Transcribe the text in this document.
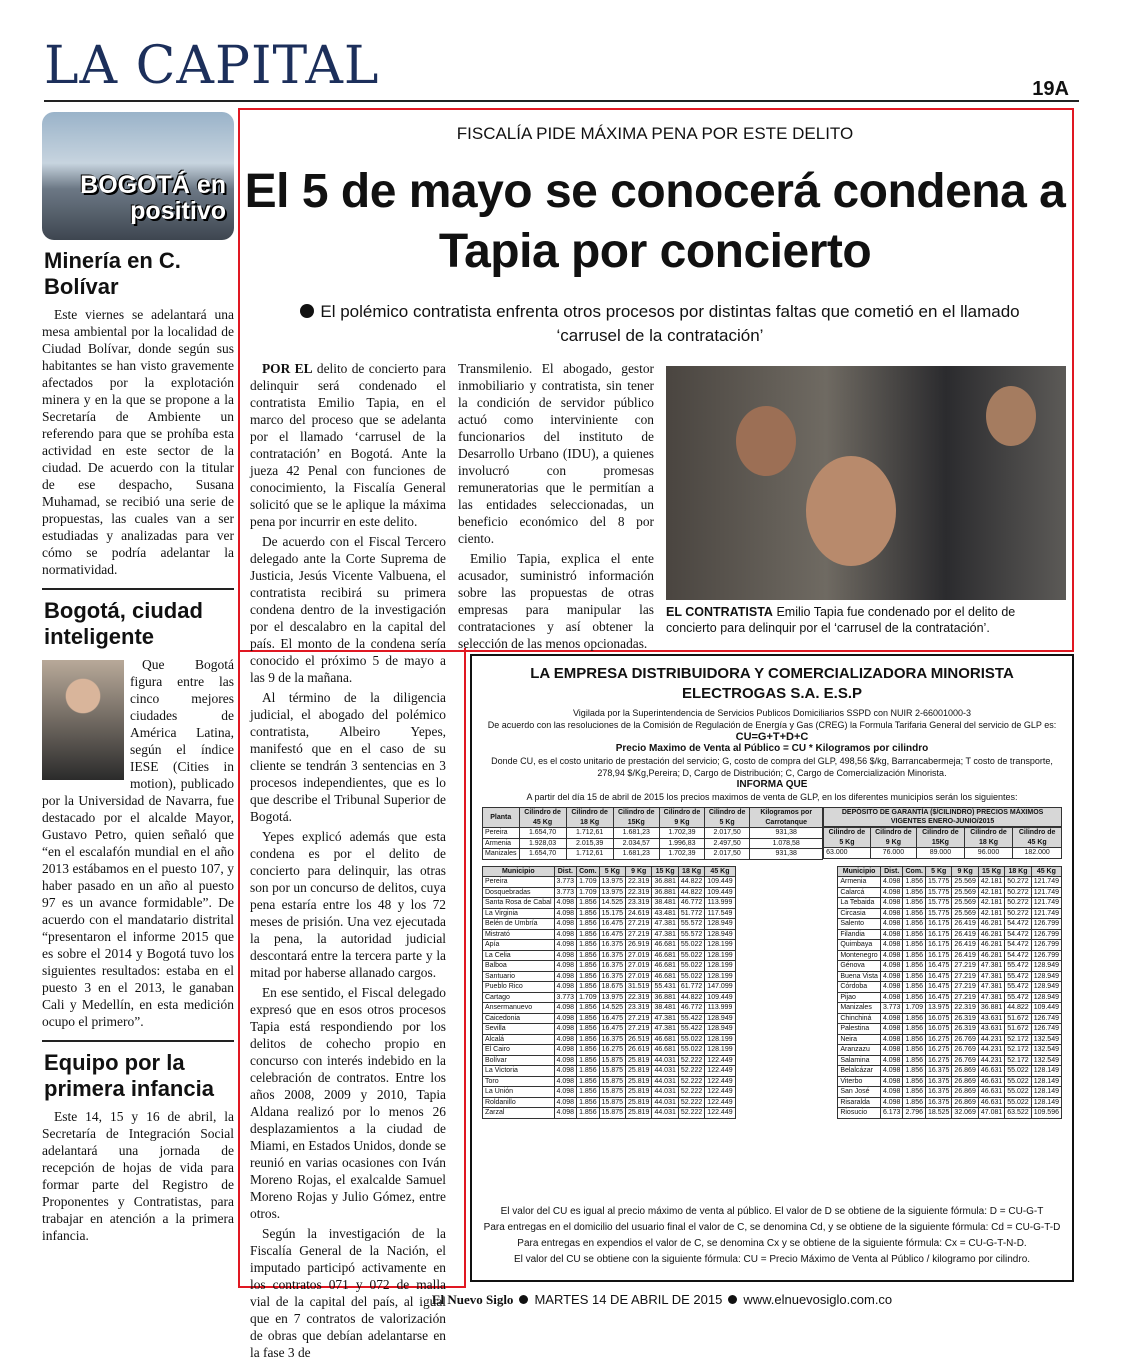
LA CAPITAL	19A
BOGOTÁ en positivo
Minería en C. Bolívar
Este viernes se adelantará una mesa ambiental por la localidad de Ciudad Bolívar, donde según sus habitantes se han visto gravemente afectados por la explotación minera y en la que se propone a la Secretaría de Ambiente un referendo para que se prohíba esta actividad en este sector de la ciudad. De acuerdo con la titular de ese despacho, Susana Muhamad, se recibió una serie de propuestas, las cuales van a ser estudiadas y analizadas para ver cómo se podría adelantar la normatividad.
Bogotá, ciudad inteligente
Que Bogotá figura entre las cinco mejores ciudades de América Latina, según el índice IESE (Cities in motion), publicado por la Universidad de Navarra, fue destacado por el alcalde Mayor, Gustavo Petro, quien señaló que “en el escalafón mundial en el año 2013 estábamos en el puesto 107, y haber pasado en un año al puesto 97 es un avance formidable”. De acuerdo con el mandatario distrital “presentaron el informe 2015 que es sobre el 2014 y Bogotá tuvo los siguientes resultados: estaba en el puesto 3 en el 2013, le ganaban Cali y Medellín, en esta medición ocupo el primero”.
Equipo por la primera infancia
Este 14, 15 y 16 de abril, la Secretaría de Integración Social adelantará una jornada de recepción de hojas de vida para formar parte del Registro de Proponentes y Contratistas, para trabajar en atención a la primera infancia.
FISCALÍA PIDE MÁXIMA PENA POR ESTE DELITO
El 5 de mayo se conocerá condena a Tapia por concierto
El polémico contratista enfrenta otros procesos por distintas faltas que cometió en el llamado ‘carrusel de la contratación’

POR EL delito de concierto para delinquir será condenado el contratista Emilio Tapia, en el marco del proceso que se adelanta por el llamado ‘carrusel de la contratación’ en Bogotá. Ante la jueza 42 Penal con funciones de conocimiento, la Fiscalía General solicitó que se le aplique la máxima pena por incurrir en este delito.

De acuerdo con el Fiscal Tercero delegado ante la Corte Suprema de Justicia, Jesús Vicente Valbuena, el contratista recibirá su primera condena dentro de la investigación por el descalabro en la capital del país. El monto de la condena sería conocido el próximo 5 de mayo a las 9 de la mañana.

Al término de la diligencia judicial, el abogado del polémico contratista, Albeiro Yepes, manifestó que en el caso de su cliente se tendrán 3 sentencias en 3 procesos independientes, que es lo que describe el Tribunal Superior de Bogotá.

Yepes explicó además que esta condena es por el delito de concierto para delinquir, las otras son por un concurso de delitos, cuya pena estaría entre los 48 y los 72 meses de prisión. Una vez ejecutada la pena, la autoridad judicial descontará entre la tercera parte y la mitad por haberse allanado cargos.

En ese sentido, el Fiscal delegado expresó que en esos otros procesos Tapia está respondiendo por los delitos de cohecho propio en concurso con interés indebido en la celebración de contratos. Entre los años 2008, 2009 y 2010, Tapia Aldana realizó por lo menos 26 desplazamientos a la ciudad de Miami, en Estados Unidos, donde se reunió en varias ocasiones con Iván Moreno Rojas, el exalcalde Samuel Moreno Rojas y Julio Gómez, entre otros.

Según la investigación de la Fiscalía General de la Nación, el imputado participó activamente en los contratos 071 y 072 de malla vial de la capital del país, al igual que en 7 contratos de valorización de obras que debían adelantarse en la fase 3 de

Transmilenio. El abogado, gestor inmobiliario y contratista, sin tener la condición de servidor público actuó como interviniente con funcionarios del instituto de Desarrollo Urbano (IDU), a quienes involucró con promesas remuneratorias que le permitían a las entidades seleccionadas, un beneficio económico del 8 por ciento.

Emilio Tapia, explica el ente acusador, suministró información sobre las propuestas de otras empresas para manipular las contrataciones y así obtener la selección de las menos opcionadas.

EL CONTRATISTA Emilio Tapia fue condenado por el delito de concierto para delinquir por el ‘carrusel de la contratación’.
LA EMPRESA DISTRIBUIDORA Y COMERCIALIZADORA MINORISTA ELECTROGAS S.A. E.S.P
Vigilada por la Superintendencia de Servicios Publicos Domiciliarios SSPD con NUIR 2-66001000-3
De acuerdo con las resoluciones de la Comisión de Regulación de Energía y Gas (CREG) la Formula Tarifaria General del servicio de GLP es:
CU=G+T+D+C
Precio Maximo de Venta al Público = CU * Kilogramos por cilindro
Donde CU, es el costo unitario de prestación del servicio; G, costo de compra del GLP, 498,56 $/kg, Barrancabermeja; T costo de transporte, 278,94 $/Kg,Pereira; D, Cargo de Distribución; C, Cargo de Comercialización Minorista.
INFORMA QUE
A partir del día 15 de abril de 2015 los precios maximos de venta de GLP, en los diferentes municipios serán los siguientes:
Planta	Cilindro de 45 Kg	Cilindro de 18 Kg	Cilindro de 15Kg	Cilindro de 9 Kg	Cilindro de 5 Kg	Kilogramos por Carrotanque
Pereira	1.654,70	1.712,61	1.681,23	1.702,39	2.017,50	931,38
Armenia	1.928,03	2.015,39	2.034,57	1.996,83	2.497,50	1.078,58
Manizales	1.654,70	1.712,61	1.681,23	1.702,39	2.017,50	931,38
DEPÓSITO DE GARANTÍA ($/CILINDRO) PRECIOS MÁXIMOS VIGENTES ENERO-JUNIO/2015
Cilindro de 5 Kg	Cilindro de 9 Kg	Cilindro de 15Kg	Cilindro de 18 Kg	Cilindro de 45 Kg
63.000	76.000	89.000	96.000	182.000
Municipio	Dist.	Com.	5 Kg	9 Kg	15 Kg	18 Kg	45 Kg
Pereira	3.773	1.709	13.975	22.319	36.881	44.822	109.449
Dosquebradas	3.773	1.709	13.975	22.319	36.881	44.822	109.449
Santa Rosa de Cabal	4.098	1.856	14.525	23.319	38.481	46.772	113.999
La Virginia	4.098	1.856	15.175	24.619	43.481	51.772	117.549
Belén de Umbría	4.098	1.856	16.475	27.219	47.381	55.572	128.949
Mistrató	4.098	1.856	16.475	27.219	47.381	55.572	128.949
Apía	4.098	1.856	16.375	26.919	46.681	55.022	128.199
La Celia	4.098	1.856	16.375	27.019	46.681	55.022	128.199
Balboa	4.098	1.856	16.375	27.019	46.681	55.022	128.199
Santuario	4.098	1.856	16.375	27.019	46.681	55.022	128.199
Pueblo Rico	4.098	1.856	18.675	31.519	55.431	61.772	147.099
Cartago	3.773	1.709	13.975	22.319	36.881	44.822	109.449
Ansermanuevo	4.098	1.856	14.525	23.319	38.481	46.772	113.999
Caicedonia	4.098	1.856	16.475	27.219	47.381	55.422	128.949
Sevilla	4.098	1.856	16.475	27.219	47.381	55.422	128.949
Alcalá	4.098	1.856	16.375	26.519	46.681	55.022	128.199
El Cairo	4.098	1.856	16.275	26.619	46.681	55.022	128.199
Bolívar	4.098	1.856	15.875	25.819	44.031	52.222	122.449
La Victoria	4.098	1.856	15.875	25.819	44.031	52.222	122.449
Toro	4.098	1.856	15.875	25.819	44.031	52.222	122.449
La Unión	4.098	1.856	15.875	25.819	44.031	52.222	122.449
Roldanillo	4.098	1.856	15.875	25.819	44.031	52.222	122.449
Zarzal	4.098	1.856	15.875	25.819	44.031	52.222	122.449
Municipio	Dist.	Com.	5 Kg	9 Kg	15 Kg	18 Kg	45 Kg
Armenia	4.098	1.856	15.775	25.569	42.181	50.272	121.749
Calarcá	4.098	1.856	15.775	25.569	42.181	50.272	121.749
La Tebaida	4.098	1.856	15.775	25.569	42.181	50.272	121.749
Circasia	4.098	1.856	15.775	25.569	42.181	50.272	121.749
Salento	4.098	1.856	16.175	26.419	46.281	54.472	126.799
Filandia	4.098	1.856	16.175	26.419	46.281	54.472	126.799
Quimbaya	4.098	1.856	16.175	26.419	46.281	54.472	126.799
Montenegro	4.098	1.856	16.175	26.419	46.281	54.472	126.799
Génova	4.098	1.856	16.475	27.219	47.381	55.472	128.949
Buena Vista	4.098	1.856	16.475	27.219	47.381	55.472	128.949
Córdoba	4.098	1.856	16.475	27.219	47.381	55.472	128.949
Pijao	4.098	1.856	16.475	27.219	47.381	55.472	128.949
Manizales	3.773	1.709	13.975	22.319	36.881	44.822	109.449
Chinchiná	4.098	1.856	16.075	26.319	43.631	51.672	126.749
Palestina	4.098	1.856	16.075	26.319	43.631	51.672	126.749
Neira	4.098	1.856	16.275	26.769	44.231	52.172	132.549
Aranzazu	4.098	1.856	16.275	26.769	44.231	52.172	132.549
Salamina	4.098	1.856	16.275	26.769	44.231	52.172	132.549
Belalcázar	4.098	1.856	16.375	26.869	46.631	55.022	128.149
Viterbo	4.098	1.856	16.375	26.869	46.631	55.022	128.149
San José	4.098	1.856	16.375	26.869	46.631	55.022	128.149
Risaralda	4.098	1.856	16.375	26.869	46.631	55.022	128.149
Riosucio	6.173	2.796	18.525	32.069	47.081	63.522	109.596
El valor del CU es igual al precio máximo de venta al público. El valor de D se obtiene de la siguiente fórmula: D = CU-G-T
Para entregas en el domicilio del usuario final el valor de C, se denomina Cd, y se obtiene de la siguiente fórmula: Cd = CU-G-T-D
Para entregas en expendios el valor de C, se denomina Cx y se obtiene de la siguiente fórmula: Cx = CU-G-T-N-D.
El valor del CU se obtiene con la siguiente fórmula: CU = Precio Máximo de Venta al Público / kilogramo por cilindro.
El Nuevo Siglo MARTES 14 DE ABRIL DE 2015 www.elnuevosiglo.com.co
